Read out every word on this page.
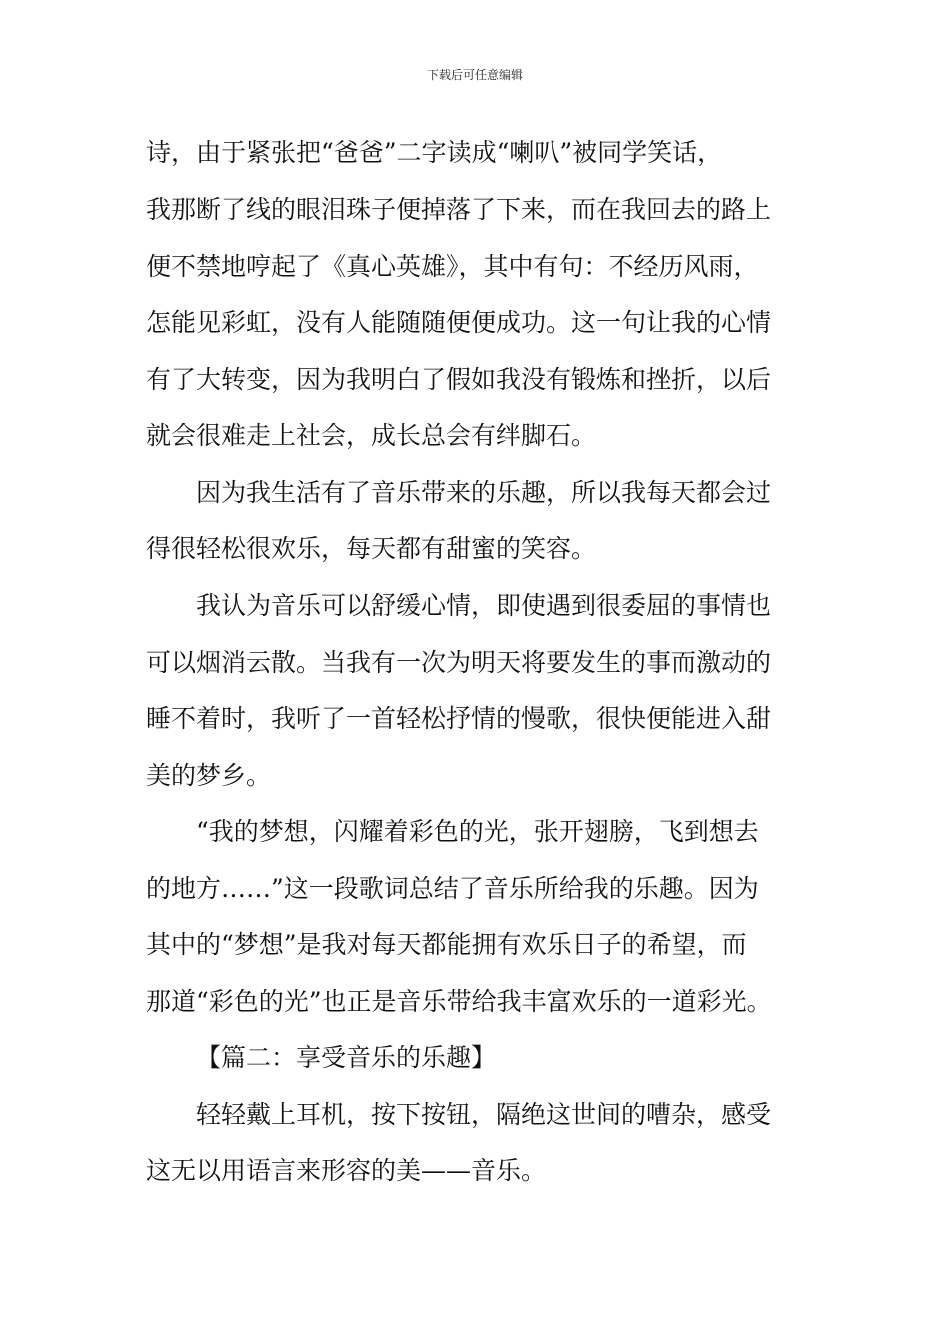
下载后可任意编辑
诗，由于紧张把“爸爸”二字读成“喇叭”被同学笑话，
我那断了线的眼泪珠子便掉落了下来，而在我回去的路上
便不禁地哼起了《真心英雄》，其中有句：不经历风雨，
怎能见彩虹，没有人能随随便便成功。这一句让我的心情
有了大转变，因为我明白了假如我没有锻炼和挫折，以后
就会很难走上社会，成长总会有绊脚石。
因为我生活有了音乐带来的乐趣，所以我每天都会过
得很轻松很欢乐，每天都有甜蜜的笑容。
我认为音乐可以舒缓心情，即使遇到很委屈的事情也
可以烟消云散。当我有一次为明天将要发生的事而激动的
睡不着时，我听了一首轻松抒情的慢歌，很快便能进入甜
美的梦乡。
“我的梦想，闪耀着彩色的光，张开翅膀，飞到想去
的地方……”这一段歌词总结了音乐所给我的乐趣。因为
其中的“梦想”是我对每天都能拥有欢乐日子的希望，而
那道“彩色的光”也正是音乐带给我丰富欢乐的一道彩光。
【篇二：享受音乐的乐趣】
轻轻戴上耳机，按下按钮，隔绝这世间的嘈杂，感受
这无以用语言来形容的美——音乐。
